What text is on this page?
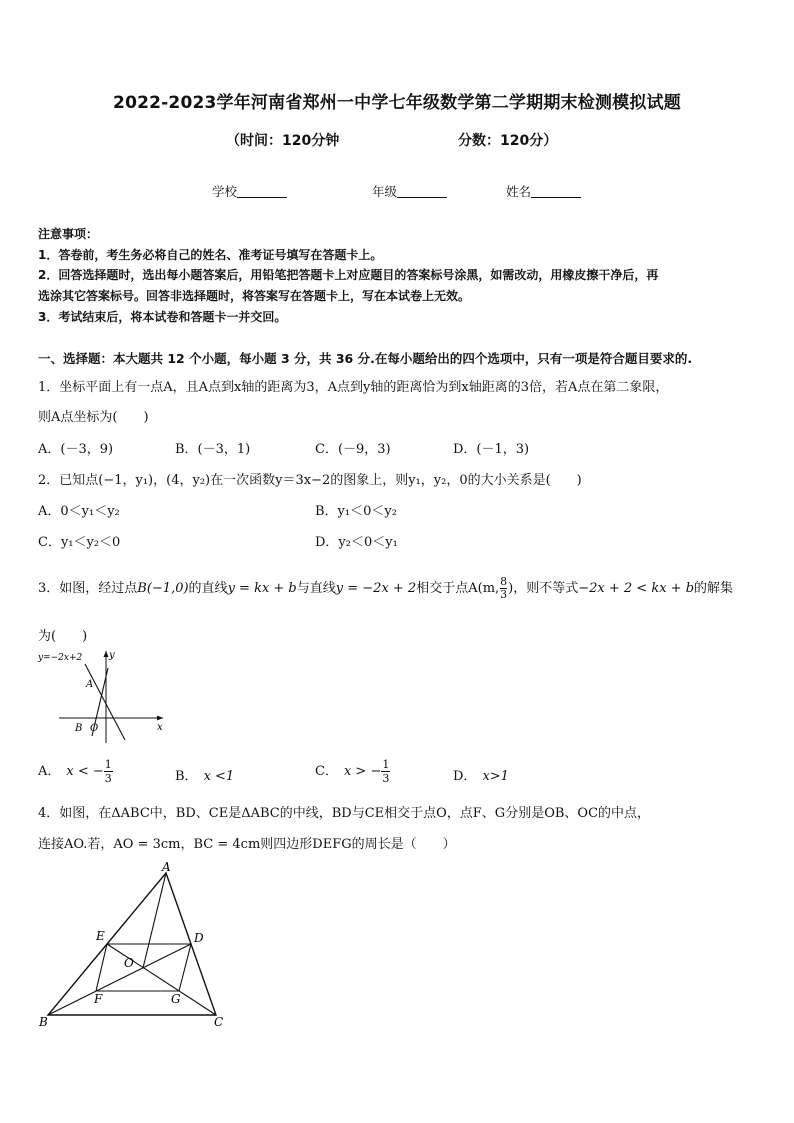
2022-2023学年河南省郑州一中学七年级数学第二学期期末检测模拟试题
（时间：120分钟	分数：120分）
学校	年级	姓名
注意事项：
1．答卷前，考生务必将自己的姓名、准考证号填写在答题卡上。
2．回答选择题时，选出每小题答案后，用铅笔把答题卡上对应题目的答案标号涂黑，如需改动，用橡皮擦干净后，再
选涂其它答案标号。回答非选择题时，将答案写在答题卡上，写在本试卷上无效。
3．考试结束后，将本试卷和答题卡一并交回。
一、选择题：本大题共 12 个小题，每小题 3 分，共 36 分.在每小题给出的四个选项中，只有一项是符合题目要求的.
1．坐标平面上有一点A，且A点到x轴的距离为3，A点到y轴的距离恰为到x轴距离的3倍，若A点在第二象限，
则A点坐标为(　　)
A．(－3，9)	B．(－3，1)	C．(－9，3)	D．(－1，3)
2．已知点(−1，y₁)，(4，y₂)在一次函数y＝3x−2的图象上，则y₁，y₂，0的大小关系是(　　)
A．0＜y₁＜y₂	B．y₁＜0＜y₂
C．y₁＜y₂＜0	D．y₂＜0＜y₁
3．如图，经过点B(−1,0)的直线y = kx + b与直线y = −2x + 2相交于点A(m, $\frac{8}{3}$ )，则不等式−2x + 2 < kx + b的解集
为(　　)
y=−2x+2	y
x
A
B O
A． x < − $\frac{1}{3}$	B． x <1	C． x > − $\frac{1}{3}$	D． x>1
4．如图，在ΔABC中，BD、CE是ΔABC的中线，BD与CE相交于点O，点F、G分别是OB、OC的中点，
连接AO.若，AO = 3cm，BC = 4cm则四边形DEFG的周长是（　　）
A
B	C
D
E
F	G
O
